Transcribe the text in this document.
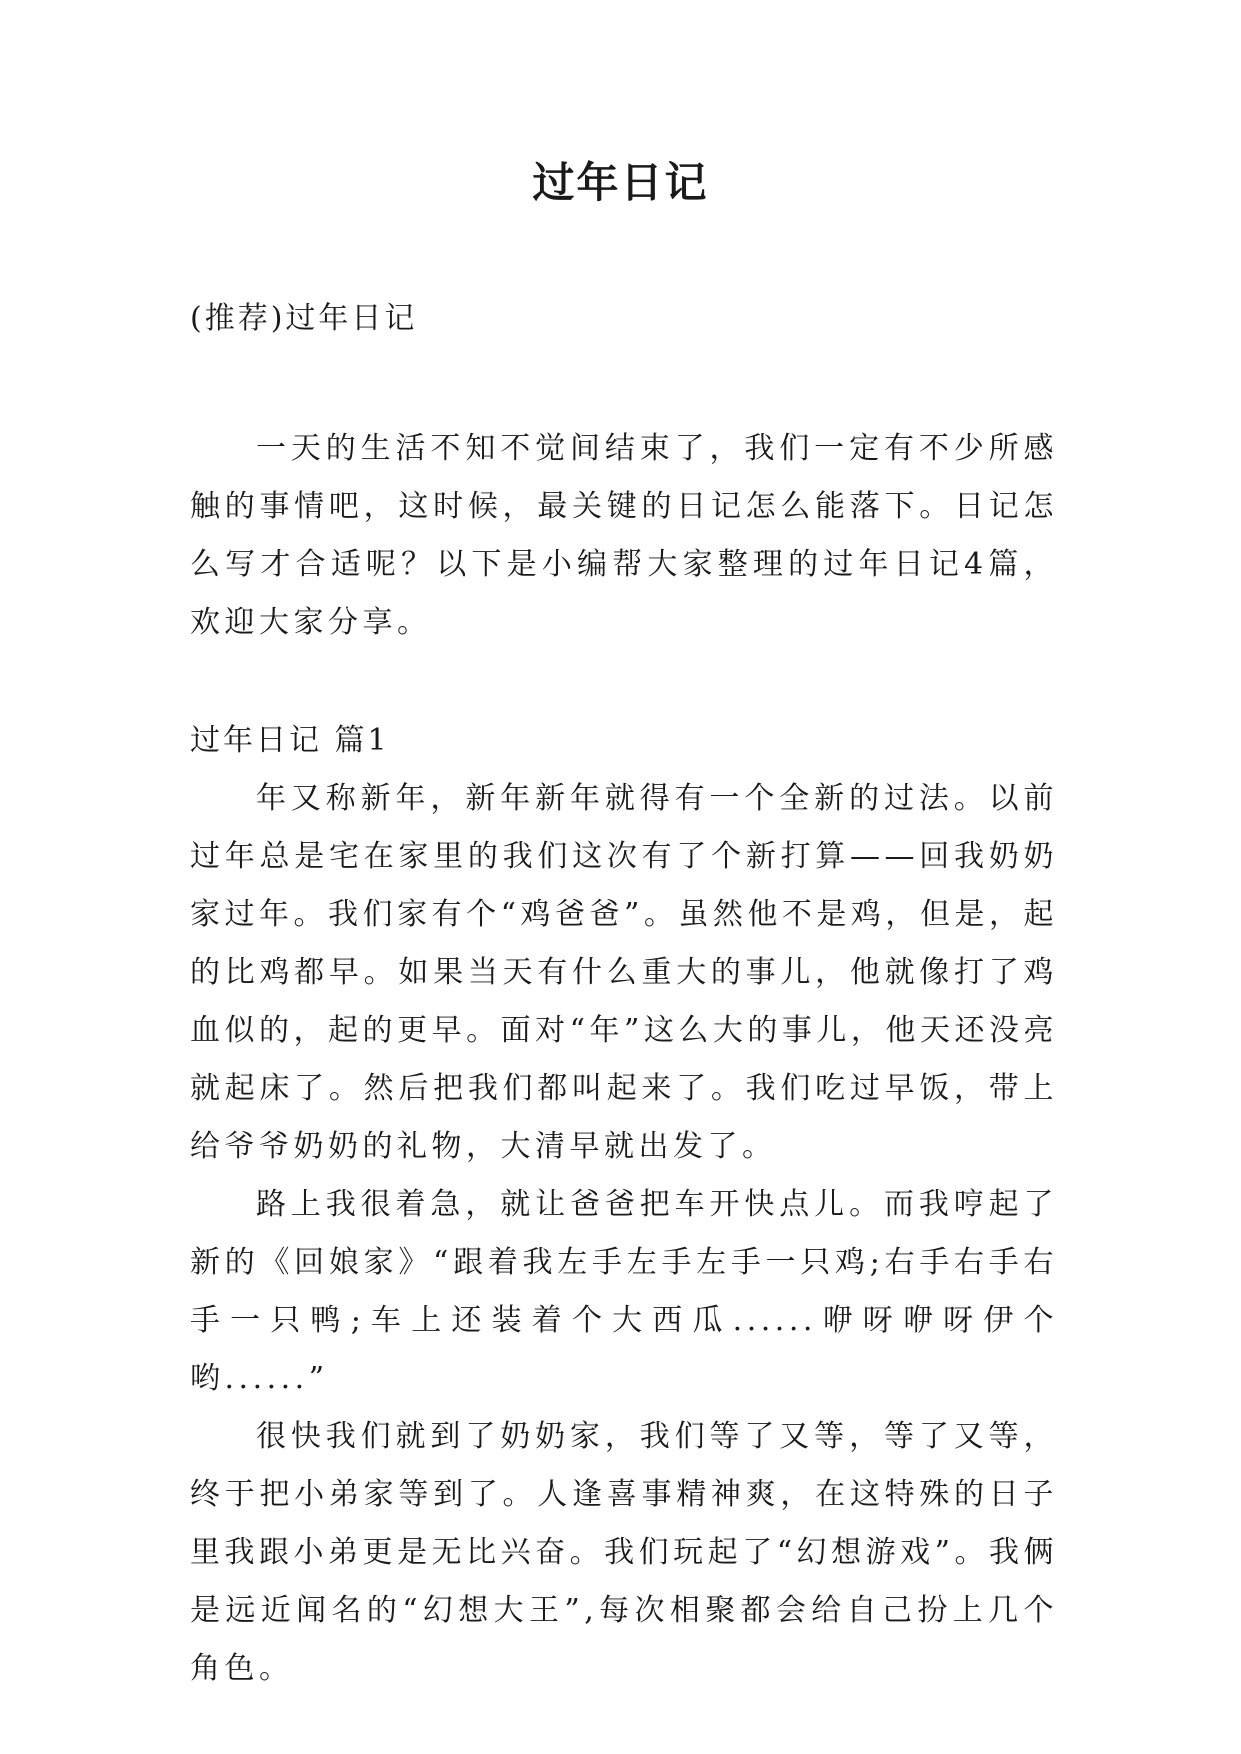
过年日记

(推荐)过年日记

一天的生活不知不觉间结束了，我们一定有不少所感触的事情吧，这时候，最关键的日记怎么能落下。日记怎么写才合适呢？以下是小编帮大家整理的过年日记4篇，欢迎大家分享。

过年日记 篇1

年又称新年，新年新年就得有一个全新的过法。以前过年总是宅在家里的我们这次有了个新打算——回我奶奶家过年。我们家有个“鸡爸爸”。虽然他不是鸡，但是，起的比鸡都早。如果当天有什么重大的事儿，他就像打了鸡血似的，起的更早。面对“年”这么大的事儿，他天还没亮就起床了。然后把我们都叫起来了。我们吃过早饭，带上给爷爷奶奶的礼物，大清早就出发了。

路上我很着急，就让爸爸把车开快点儿。而我哼起了新的《回娘家》“跟着我左手左手左手一只鸡;右手右手右手一只鸭;车上还装着个大西瓜......咿呀咿呀伊个哟......”

很快我们就到了奶奶家，我们等了又等，等了又等，终于把小弟家等到了。人逢喜事精神爽，在这特殊的日子里我跟小弟更是无比兴奋。我们玩起了“幻想游戏”。我俩是远近闻名的“幻想大王”,每次相聚都会给自己扮上几个角色。
